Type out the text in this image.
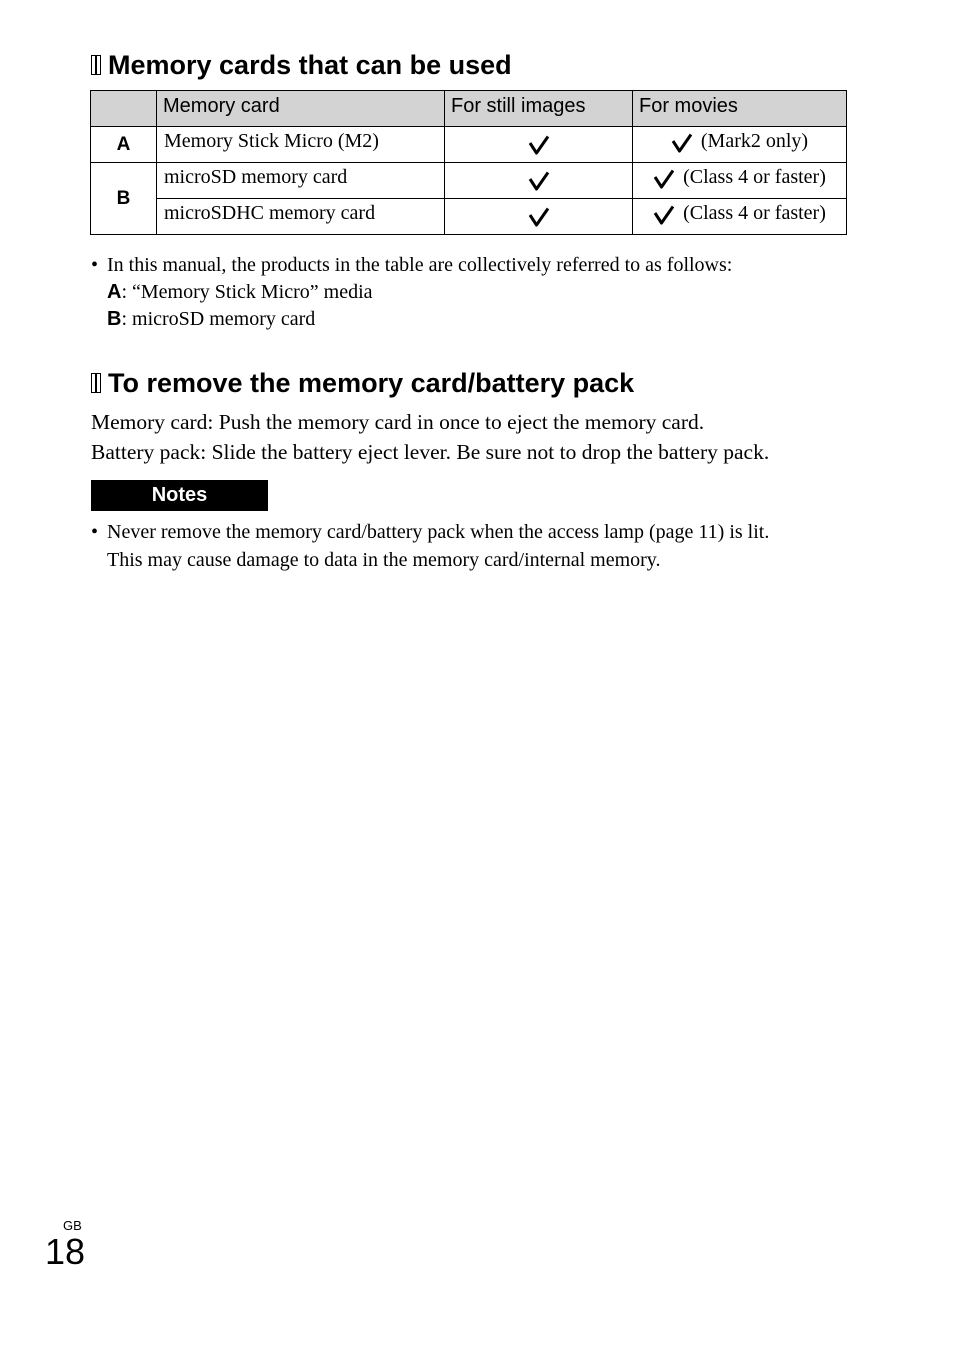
Memory cards that can be used
	Memory card	For still images	For movies
A	Memory Stick Micro (M2)		(Mark2 only)
B	microSD memory card		(Class 4 or faster)
	microSDHC memory card		(Class 4 or faster)
• In this manual, the products in the table are collectively referred to as follows:
A: “Memory Stick Micro” media
B: microSD memory card
To remove the memory card/battery pack
Memory card: Push the memory card in once to eject the memory card.
Battery pack: Slide the battery eject lever. Be sure not to drop the battery pack.
Notes
• Never remove the memory card/battery pack when the access lamp (page 11) is lit.
This may cause damage to data in the memory card/internal memory.
GB
18
